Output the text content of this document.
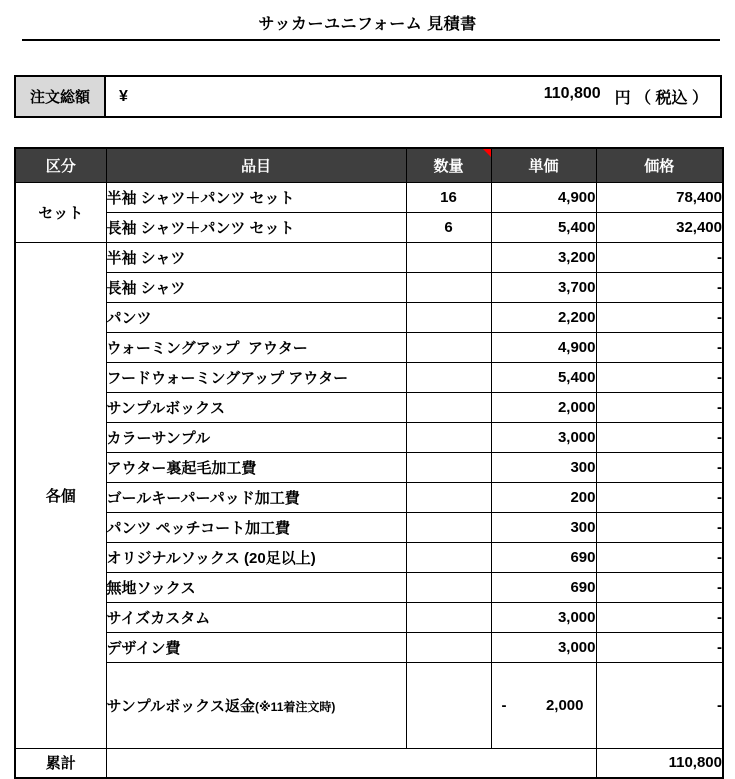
サッカーユニフォーム 見積書
注文総額	¥	110,800 円 （ 税込 ）
区分	品目	数量	単価	価格
セット	半袖 シャツ＋パンツ セット	16	4,900	78,400
	長袖 シャツ＋パンツ セット	6	5,400	32,400
各個	半袖 シャツ		3,200	-
	長袖 シャツ		3,700	-
	パンツ		2,200	-
	ウォーミングアップ  アウター		4,900	-
	フードウォーミングアップ アウター		5,400	-
	サンプルボックス		2,000	-
	カラーサンプル		3,000	-
	アウター裏起毛加工費		300	-
	ゴールキーパーパッド加工費		200	-
	パンツ ペッチコート加工費		300	-
	オリジナルソックス (20足以上)		690	-
	無地ソックス		690	-
	サイズカスタム		3,000	-
	デザイン費		3,000	-
	サンプルボックス返金(※11着注文時)		- 2,000	-
累計				110,800
